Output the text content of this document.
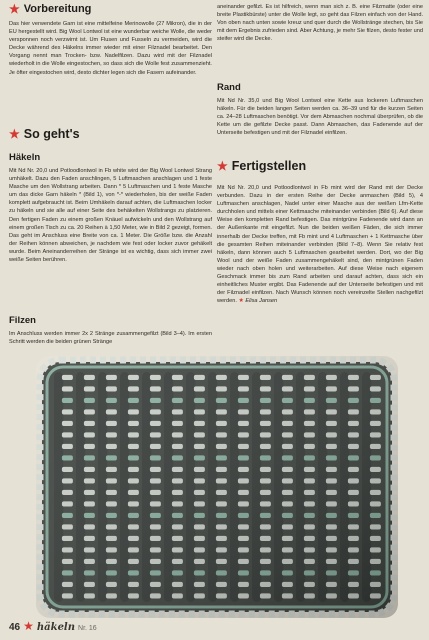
★ Vorbereitung
Das hier verwendete Garn ist eine mittelfeine Merinowolle (27 Mikron), die in der EU hergestellt wird. Big Wool Lontwol ist eine wunderbar weiche Wolle, die weder versponnen noch verzwirnt ist. Um Flusen und Fusseln zu vermeiden, wird die Decke während des Häkelns immer wieder mit einer Filznadel bearbeitet. Den Vorgang nennt man Trocken- bzw. Nadelfilzen. Dazu wird mit der Filznadel wiederholt in die Wolle eingestochen, so dass sich die Wolle fest zusammenzieht. Je öfter eingestochen wird, desto dichter legen sich die Fasern aufeinander.
★ So geht's
Häkeln
Mit Nd Nr. 20,0 und Potloodlontwol in Fb white wird der Big Wool Lontwol Strang umhäkelt. Dazu den Faden anschlingen, 5 Luftmaschen anschlagen und 1 feste Masche um den Wollstrang arbeiten. Dann * 5 Luftmaschen und 1 feste Masche um das dicke Garn häkeln * (Bild 1), von *-* wiederholen, bis der weiße Faden komplett aufgebraucht ist. Beim Umhäkeln darauf achten, die Luftmaschen locker zu häkeln und sie alle auf einer Seite des behäkelten Wollstrangs zu platzieren. Den fertigen Faden zu einem großen Knäuel aufwickeln und den Wollstrang auf einem großen Tisch zu ca. 20 Reihen à 1,50 Meter, wie in Bild 2 gezeigt, formen. Das geht im Anschluss eine Breite von ca. 1 Meter. Die Größe bzw. die Anzahl der Reihen können abweichen, je nachdem wie fest oder locker zuvor gehäkelt wurde. Beim Aneinanderreihen der Stränge ist es wichtig, dass sich immer zwei weiße Seiten berühren.
Filzen
Im Anschluss werden immer 2x 2 Stränge zusammengefilzt (Bild 3–4). Im ersten Schritt werden die beiden grünen Stränge
aneinander gefilzt. Es ist hilfreich, wenn man sich z. B. eine Filzmatte (oder eine breite Plastikbürste) unter die Wolle legt, so geht das Filzen einfach von der Hand. Von oben nach unten sowie kreuz und quer durch die Wollstränge stechen, bis Sie mit dem Ergebnis zufrieden sind. Aber Achtung, je mehr Sie filzen, desto fester und steifer wird die Decke.
Rand
Mit Nd Nr. 35,0 und Big Wool Lontwol eine Kette aus lockeren Luftmaschen häkeln. Für die beiden langen Seiten werden ca. 36–39 und für die kurzen Seiten ca. 24–28 Luftmaschen benötigt. Vor dem Abmaschen nochmal überprüfen, ob die Kette um die gefilzte Decke passt. Dann Abmaschen, das Fadenende auf der Unterseite befestigen und mit der Filznadel einfilzen.
★ Fertigstellen
Mit Nd Nr. 20,0 und Potloodlontwol in Fb mint wird der Rand mit der Decke verbunden. Dazu in der ersten Reihe der Decke anmaschen (Bild 5), 4 Luftmaschen anschlagen, Nadel unter einer Masche aus der weißen Lfm-Kette durchholen und mittels einer Kettmasche miteinander verbinden (Bild 6). Auf diese Weise den kompletten Rand befestigen. Das mintgrüne Fadenende wird dann an der Außenkante mit eingefilzt. Nun die beiden weißen Fäden, die sich immer innerhalb der Decke treffen, mit Fb mint und 4 Luftmaschen + 1 Kettmasche über die gesamten Reihen miteinander verbinden (Bild 7–8). Wenn Sie relativ fest häkeln, dann können auch 5 Luftmaschen gearbeitet werden. Dort, wo der Big Wool und der weiße Faden zusammengehäkelt sind, den mintgrünen Faden wieder nach oben holen und weiterarbeiten. Auf diese Weise nach eigenem Geschmack immer bis zum Rand arbeiten und darauf achten, dass sich ein einheitliches Muster ergibt. Das Fadenende auf der Unterseite befestigen und mit der Filznadel einfilzen. Nach Wunsch können noch vereinzelte Stellen nachgefilzt werden. ★ Elisa Jansen
46 ★ häkeln Nr. 16
